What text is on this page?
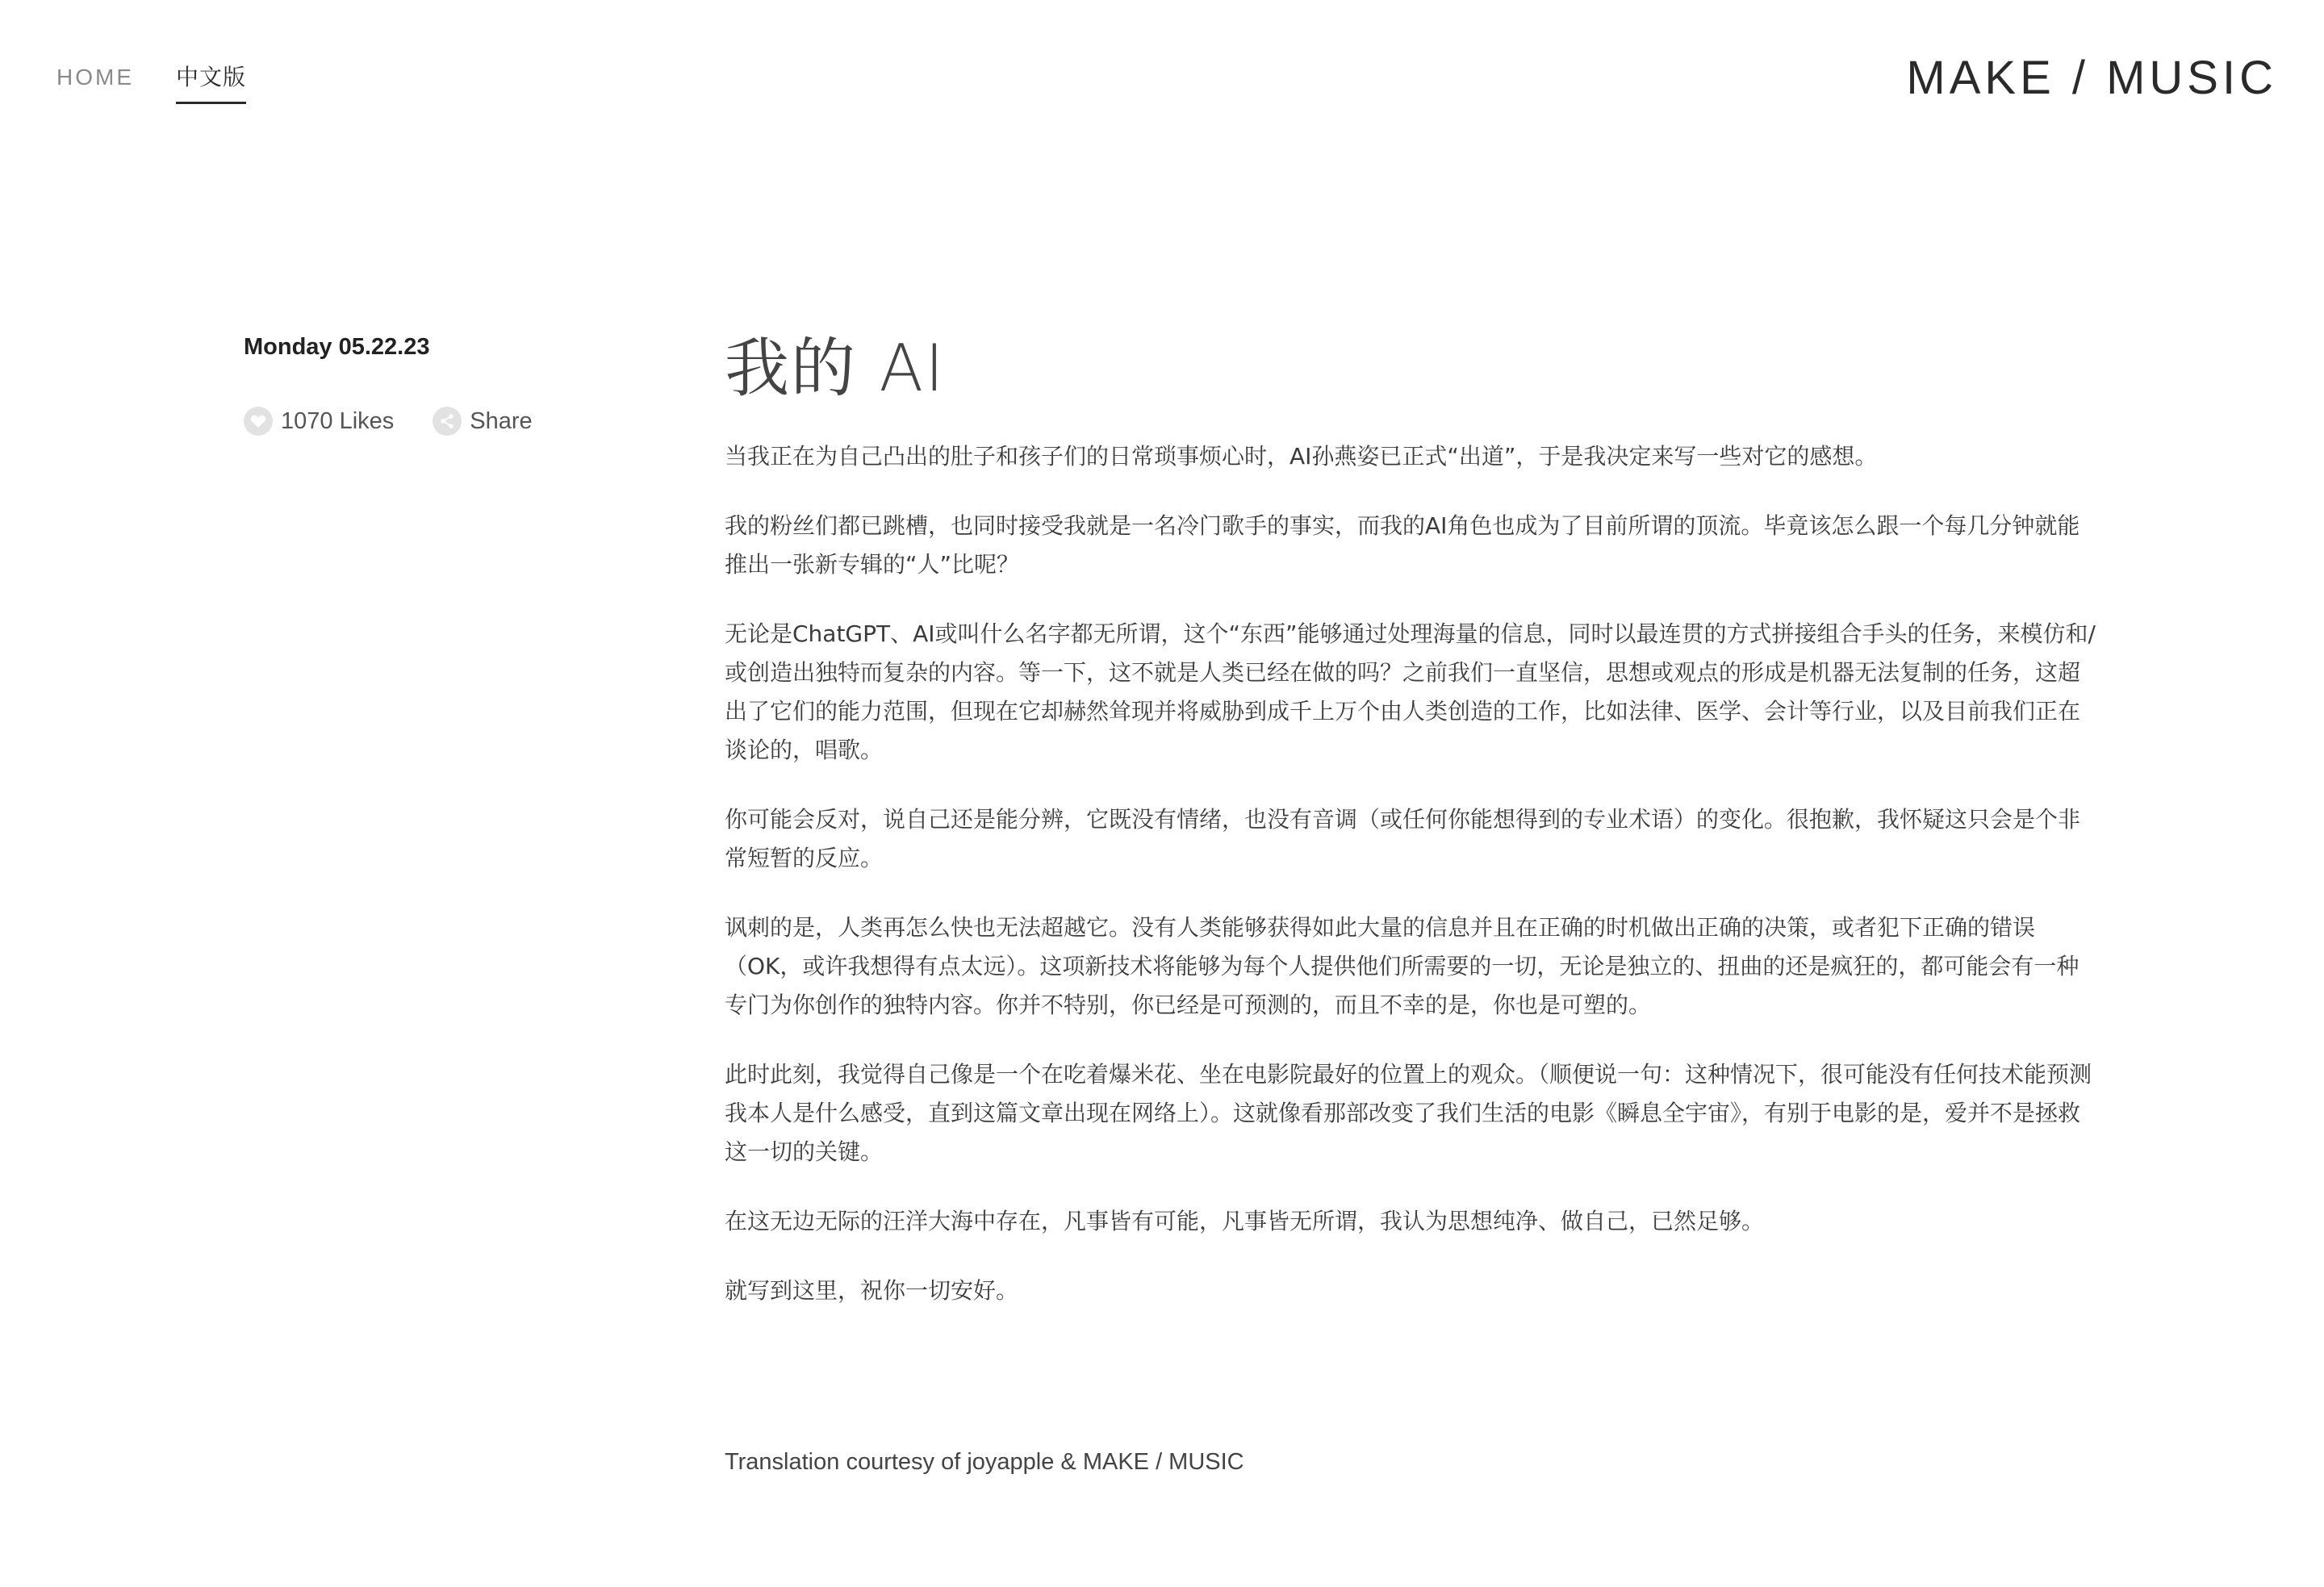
HOME 中文版	MAKE / MUSIC
Monday 05.22.23
1070 Likes	Share
我的 AI

当我正在为自己凸出的肚子和孩子们的日常琐事烦心时，AI孙燕姿已正式“出道”，于是我决定来写一些对它的感想。

我的粉丝们都已跳槽，也同时接受我就是一名冷门歌手的事实，而我的AI角色也成为了目前所谓的顶流。毕竟该怎么跟一个每几分钟就能推出一张新专辑的“人”比呢？

无论是ChatGPT、AI或叫什么名字都无所谓，这个“东西”能够通过处理海量的信息，同时以最连贯的方式拼接组合手头的任务，来模仿和/或创造出独特而复杂的内容。等一下，这不就是人类已经在做的吗？之前我们一直坚信，思想或观点的形成是机器无法复制的任务，这超出了它们的能力范围，但现在它却赫然耸现并将威胁到成千上万个由人类创造的工作，比如法律、医学、会计等行业，以及目前我们正在谈论的，唱歌。

你可能会反对，说自己还是能分辨，它既没有情绪，也没有音调（或任何你能想得到的专业术语）的变化。很抱歉，我怀疑这只会是个非常短暂的反应。

讽刺的是，人类再怎么快也无法超越它。没有人类能够获得如此大量的信息并且在正确的时机做出正确的决策，或者犯下正确的错误（OK，或许我想得有点太远）。这项新技术将能够为每个人提供他们所需要的一切，无论是独立的、扭曲的还是疯狂的，都可能会有一种专门为你创作的独特内容。你并不特别，你已经是可预测的，而且不幸的是，你也是可塑的。

此时此刻，我觉得自己像是一个在吃着爆米花、坐在电影院最好的位置上的观众。（顺便说一句：这种情况下，很可能没有任何技术能预测我本人是什么感受，直到这篇文章出现在网络上）。这就像看那部改变了我们生活的电影《瞬息全宇宙》，有别于电影的是，爱并不是拯救这一切的关键。

在这无边无际的汪洋大海中存在，凡事皆有可能，凡事皆无所谓，我认为思想纯净、做自己，已然足够。

就写到这里，祝你一切安好。

Translation courtesy of joyapple & MAKE / MUSIC
